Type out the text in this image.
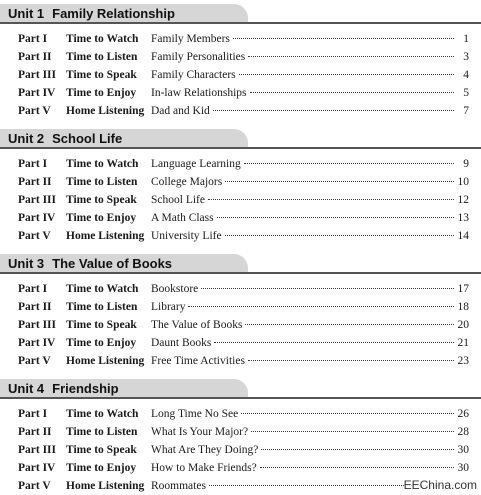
Unit 1 Family Relationship
Part I Time to Watch Family Members	1
Part II Time to Listen Family Personalities	3
Part III Time to Speak Family Characters	4
Part IV Time to Enjoy In-law Relationships	5
Part V Home Listening Dad and Kid	7
Unit 2 School Life
Part I Time to Watch Language Learning	9
Part II Time to Listen College Majors	10
Part III Time to Speak School Life	12
Part IV Time to Enjoy A Math Class	13
Part V Home Listening University Life	14
Unit 3 The Value of Books
Part I Time to Watch Bookstore	17
Part II Time to Listen Library	18
Part III Time to Speak The Value of Books	20
Part IV Time to Enjoy Daunt Books	21
Part V Home Listening Free Time Activities	23
Unit 4 Friendship
Part I Time to Watch Long Time No See	26
Part II Time to Listen What Is Your Major?	28
Part III Time to Speak What Are They Doing?	30
Part IV Time to Enjoy How to Make Friends?	30
Part V Home Listening Roommates	EEChina.com
